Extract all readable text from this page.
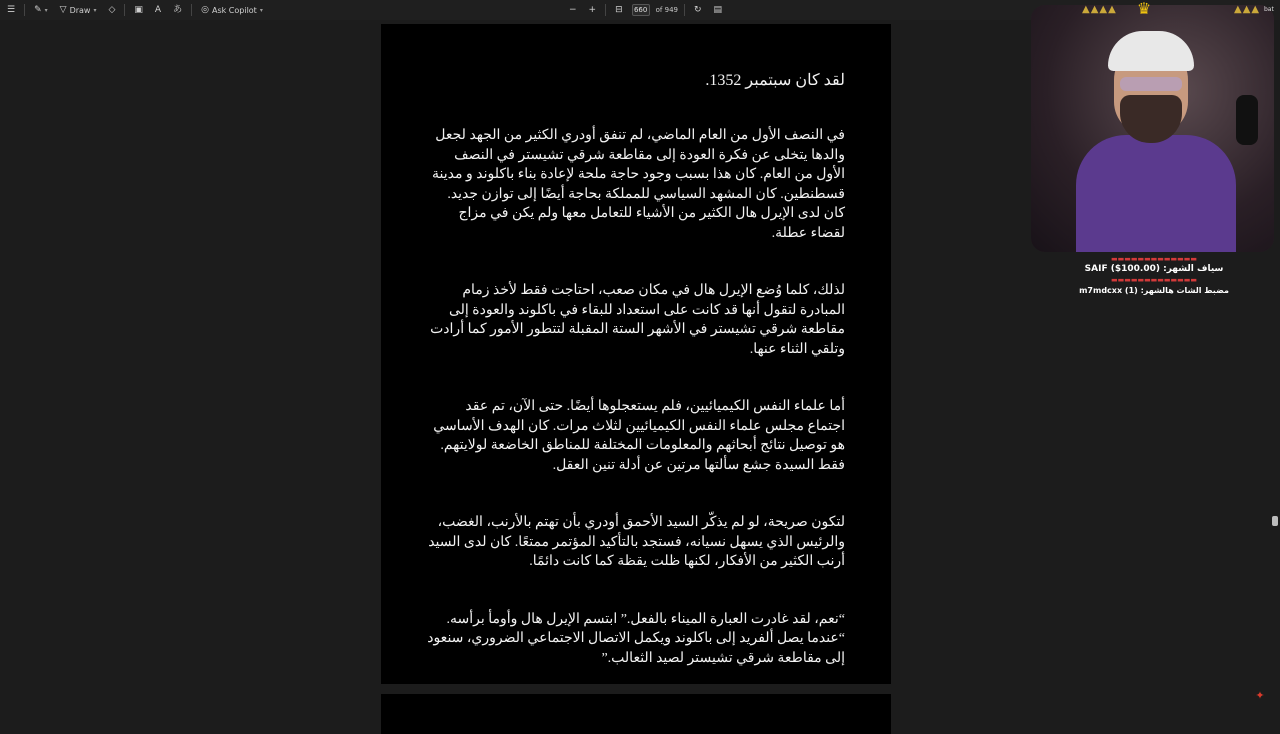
☰ ✎ ▾ ▽ Draw ▾ ◇ ▣ A あ ◎ Ask Copilot ▾	− + ⊟	660	of 949 ↻ ▤
لقد كان سبتمبر 1352.

في النصف الأول من العام الماضي، لم تنفق أودري الكثير من الجهد لجعل والدها يتخلى عن فكرة العودة إلى مقاطعة شرقي تشيستر في النصف الأول من العام. كان هذا بسبب وجود حاجة ملحة لإعادة بناء باكلوند و مدينة قسطنطين. كان المشهد السياسي للمملكة بحاجة أيضًا إلى توازن جديد. كان لدى الإيرل هال الكثير من الأشياء للتعامل معها ولم يكن في مزاج لقضاء عطلة.

لذلك، كلما وُضع الإيرل هال في مكان صعب، احتاجت فقط لأخذ زمام المبادرة لتقول أنها قد كانت على استعداد للبقاء في باكلوند والعودة إلى مقاطعة شرقي تشيستر في الأشهر الستة المقبلة لتتطور الأمور كما أرادت وتلقي الثناء عنها.

أما علماء النفس الكيميائيين، فلم يستعجلوها أيضًا. حتى الآن، تم عقد اجتماع مجلس علماء النفس الكيميائيين لثلاث مرات. كان الهدف الأساسي هو توصيل نتائج أبحاثهم والمعلومات المختلفة للمناطق الخاضعة لولايتهم. فقط السيدة جشع سألتها مرتين عن أدلة تنين العقل.

لتكون صريحة، لو لم يذكّر السيد الأحمق أودري بأن تهتم بالأرنب، الغضب، والرئيس الذي يسهل نسيانه، فستجد بالتأكيد المؤتمر ممتعًا. كان لدى السيد أرنب الكثير من الأفكار، لكنها ظلت يقظة كما كانت دائمًا.

“نعم، لقد غادرت العبارة الميناء بالفعل.” ابتسم الإيرل هال وأومأ برأسه. “عندما يصل ألفريد إلى باكلوند ويكمل الاتصال الاجتماعي الضروري، سنعود إلى مقاطعة شرقي تشيستر لصيد الثعالب.”

✦
▲▲▲▲	▲▲▲
♛	bat
▬▬▬▬▬▬▬▬▬▬▬▬▬
SAIF ($100.00) :سياف الشهر
▬▬▬▬▬▬▬▬▬▬▬▬▬
m7mdcxx (1) :مضبط الشات هالشهر
